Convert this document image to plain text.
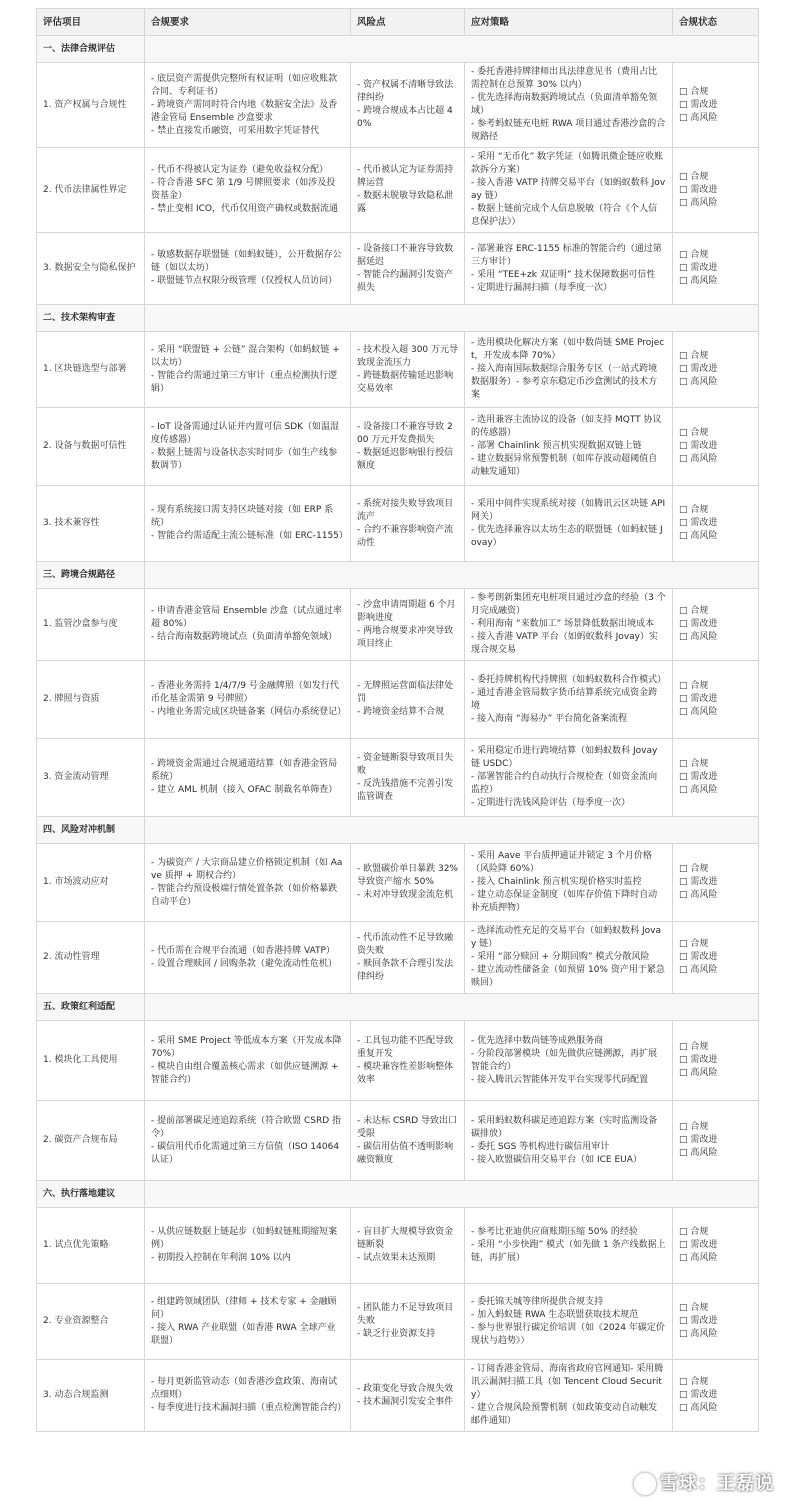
评估项目	合规要求	风险点	应对策略	合规状态
一、法律合规评估				
1. 资产权属与合规性	- 底层资产需提供完整所有权证明（如应收账款合同、专利证书）
- 跨境资产需同时符合内地《数据安全法》及香港金管局 Ensemble 沙盒要求
- 禁止直接发币融资，可采用数字凭证替代	- 资产权属不清晰导致法律纠纷
- 跨境合规成本占比超 40%	- 委托香港持牌律师出具法律意见书（费用占比需控制在总预算 30% 以内）
- 优先选择海南数据跨境试点（负面清单豁免领域）
- 参考蚂蚁链充电桩 RWA 项目通过香港沙盒的合规路径	□ 合规
□ 需改进
□ 高风险

2. 代币法律属性界定	- 代币不得被认定为证券（避免收益权分配）
- 符合香港 SFC 第 1/9 号牌照要求（如涉及投资基金）
- 禁止变相 ICO，代币仅用资产确权或数据流通	- 代币被认定为证券需持牌运营
- 数据未脱敏导致隐私泄露	- 采用 “无币化” 数字凭证（如腾讯微企链应收账款拆分方案）
- 接入香港 VATP 持牌交易平台（如蚂蚁数科 Jovay 链）
- 数据上链前完成个人信息脱敏（符合《个人信息保护法》）	□ 合规
□ 需改进
□ 高风险

3. 数据安全与隐私保护	- 敏感数据存联盟链（如蚂蚁链），公开数据存公链（如以太坊）
- 联盟链节点权限分级管理（仅授权人员访问）	- 设备接口不兼容导致数据延迟
- 智能合约漏洞引发资产损失	- 部署兼容 ERC-1155 标准的智能合约（通过第三方审计）
- 采用 “TEE+zk 双证明” 技术保障数据可信性
- 定期进行漏洞扫描（每季度一次）	□ 合规
□ 需改进
□ 高风险

二、技术架构审查				
1. 区块链选型与部署	- 采用 “联盟链 + 公链” 混合架构（如蚂蚁链 + 以太坊）
- 智能合约需通过第三方审计（重点检测执行逻辑）	- 技术投入超 300 万元导致现金流压力
- 跨链数据传输延迟影响交易效率	- 选用模块化解决方案（如中数尚链 SME Project，开发成本降 70%）
- 接入海南国际数据综合服务专区（一站式跨境数据服务）- 参考京东稳定币沙盒测试的技术方案	□ 合规
□ 需改进
□ 高风险

2. 设备与数据可信性	- IoT 设备需通过认证并内置可信 SDK（如温湿度传感器）
- 数据上链需与设备状态实时同步（如生产线参数调节）	- 设备接口不兼容导致 200 万元开发费损失
- 数据延迟影响银行授信额度	- 选用兼容主流协议的设备（如支持 MQTT 协议的传感器）
- 部署 Chainlink 预言机实现数据双链上链
- 建立数据异常预警机制（如库存波动超阈值自动触发通知）	□ 合规
□ 需改进
□ 高风险

3. 技术兼容性	- 现有系统接口需支持区块链对接（如 ERP 系统）
- 智能合约需适配主流公链标准（如 ERC-1155）	- 系统对接失败导致项目流产
- 合约不兼容影响资产流动性	- 采用中间件实现系统对接（如腾讯云区块链 API 网关）
- 优先选择兼容以太坊生态的联盟链（如蚂蚁链 Jovay）	□ 合规
□ 需改进
□ 高风险

三、跨境合规路径				
1. 监管沙盒参与度	- 申请香港金管局 Ensemble 沙盒（试点通过率超 80%）
- 结合海南数据跨境试点（负面清单豁免领域）	- 沙盒申请周期超 6 个月影响进度
- 两地合规要求冲突导致项目终止	- 参考朗新集团充电桩项目通过沙盒的经验（3 个月完成融资）
- 利用海南 “来数加工” 场景降低数据出境成本
- 接入香港 VATP 平台（如蚂蚁数科 Jovay）实现合规交易	□ 合规
□ 需改进
□ 高风险

2. 牌照与资质	- 香港业务需持 1/4/7/9 号金融牌照（如发行代币化基金需第 9 号牌照）
- 内地业务需完成区块链备案（网信办系统登记）	- 无牌照运营面临法律处罚
- 跨境资金结算不合规	- 委托持牌机构代持牌照（如蚂蚁数科合作模式）
- 通过香港金管局数字货币结算系统完成资金跨境
- 接入海南 “海易办” 平台简化备案流程	□ 合规
□ 需改进
□ 高风险

3. 资金流动管理	- 跨境资金需通过合规通道结算（如香港金管局系统）
- 建立 AML 机制（接入 OFAC 制裁名单筛查）	- 资金链断裂导致项目失败
- 反洗钱措施不完善引发监管调查	- 采用稳定币进行跨境结算（如蚂蚁数科 Jovay 链 USDC）
- 部署智能合约自动执行合规检查（如资金流向监控）
- 定期进行洗钱风险评估（每季度一次）	□ 合规
□ 需改进
□ 高风险

四、风险对冲机制				
1. 市场波动应对	- 为碳资产 / 大宗商品建立价格锁定机制（如 Aave 质押 + 期权合约）
- 智能合约预设极端行情处置条款（如价格暴跌自动平仓）	- 欧盟碳价单日暴跌 32% 导致资产缩水 50%
- 未对冲导致现金流危机	- 采用 Aave 平台质押通证并锁定 3 个月价格（风险降 60%）
- 接入 Chainlink 预言机实现价格实时监控
- 建立动态保证金制度（如库存价值下降时自动补充质押物）	□ 合规
□ 需改进
□ 高风险

2. 流动性管理	- 代币需在合规平台流通（如香港持牌 VATP）
- 设置合理赎回 / 回购条款（避免流动性危机）	- 代币流动性不足导致融资失败
- 赎回条款不合理引发法律纠纷	- 选择流动性充足的交易平台（如蚂蚁数科 Jovay 链）
- 采用 “部分赎回 + 分期回购” 模式分散风险
- 建立流动性储备金（如预留 10% 资产用于紧急赎回）	□ 合规
□ 需改进
□ 高风险

五、政策红利适配				
1. 模块化工具使用	- 采用 SME Project 等低成本方案（开发成本降 70%）
- 模块自由组合覆盖核心需求（如供应链溯源 + 智能合约）	- 工具包功能不匹配导致重复开发
- 模块兼容性差影响整体效率	- 优先选择中数尚链等成熟服务商
- 分阶段部署模块（如先做供应链溯源，再扩展智能合约）
- 接入腾讯云智能体开发平台实现零代码配置	□ 合规
□ 需改进
□ 高风险

2. 碳资产合规布局	- 提前部署碳足迹追踪系统（符合欧盟 CSRD 指令）
- 碳信用代币化需通过第三方信值（ISO 14064 认证）	- 未达标 CSRD 导致出口受限
- 碳信用估值不透明影响融资额度	- 采用蚂蚁数科碳足迹追踪方案（实时监测设备碳排放）
- 委托 SGS 等机构进行碳信用审计
- 接入欧盟碳信用交易平台（如 ICE EUA）	□ 合规
□ 需改进
□ 高风险

六、执行落地建议				
1. 试点优先策略	- 从供应链数据上链起步（如蚂蚁链账期缩短案例）
- 初期投入控制在年利润 10% 以内	- 盲目扩大规模导致资金链断裂
- 试点效果未达预期	- 参考比亚迪供应商账期压缩 50% 的经验
- 采用 “小步快跑” 模式（如先做 1 条产线数据上链，再扩展）	□ 合规
□ 需改进
□ 高风险

2. 专业资源整合	- 组建跨领域团队（律师 + 技术专家 + 金融顾问）
- 接入 RWA 产业联盟（如香港 RWA 全球产业联盟）	- 团队能力不足导致项目失败
- 缺乏行业资源支持	- 委托锦天城等律所提供合规支持
- 加入蚂蚁链 RWA 生态联盟获取技术规范
- 参与世界银行碳定价培训（如《2024 年碳定价现状与趋势》）	□ 合规
□ 需改进
□ 高风险

3. 动态合规监测	- 每月更新监管动态（如香港沙盒政策、海南试点细则）
- 每季度进行技术漏洞扫描（重点检测智能合约）	- 政策变化导致合规失效
- 技术漏洞引发安全事件	- 订阅香港金管局、海南省政府官网通知- 采用腾讯云漏洞扫描工具（如 Tencent Cloud Security）
- 建立合规风险预警机制（如政策变动自动触发邮件通知）	□ 合规
□ 需改进
□ 高风险
雪球：王磊说
